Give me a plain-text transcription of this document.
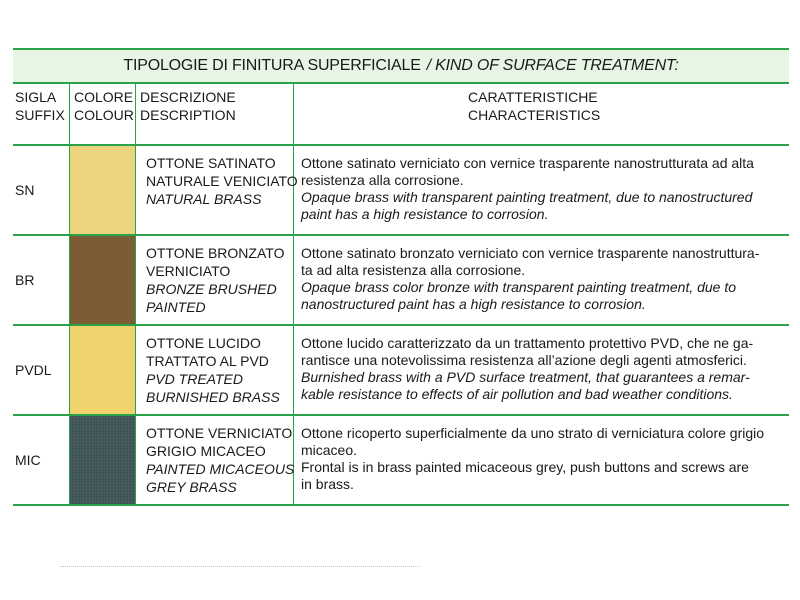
TIPOLOGIE DI FINITURA SUPERFICIALE / KIND OF SURFACE TREATMENT:
SIGLA
SUFFIX
COLORE
COLOUR
DESCRIZIONE
DESCRIPTION
CARATTERISTICHE
CHARACTERISTICS
SN
OTTONE SATINATO
NATURALE VENICIATO
NATURAL BRASS
Ottone satinato verniciato con vernice trasparente nanostrutturata ad alta
resistenza alla corrosione.
Opaque brass with transparent painting treatment, due to nanostructured
paint has a high resistance to corrosion.
BR
OTTONE BRONZATO
VERNICIATO
BRONZE BRUSHED
PAINTED
Ottone satinato bronzato verniciato con vernice trasparente nanostruttura-
ta ad alta resistenza alla corrosione.
Opaque brass color bronze with transparent painting treatment, due to
nanostructured paint has a high resistance to corrosion.
PVDL
OTTONE LUCIDO
TRATTATO AL PVD
PVD TREATED
BURNISHED BRASS
Ottone lucido caratterizzato da un trattamento protettivo PVD, che ne ga-
rantisce una notevolissima resistenza all’azione degli agenti atmosferici.
Burnished brass with a PVD surface treatment, that guarantees a remar-
kable resistance to effects of air pollution and bad weather conditions.
MIC
OTTONE VERNICIATO
GRIGIO MICACEO
PAINTED MICACEOUS
GREY BRASS
Ottone ricoperto superficialmente da uno strato di verniciatura colore grigio
micaceo.
Frontal is in brass painted micaceous grey, push buttons and screws are
in brass.
